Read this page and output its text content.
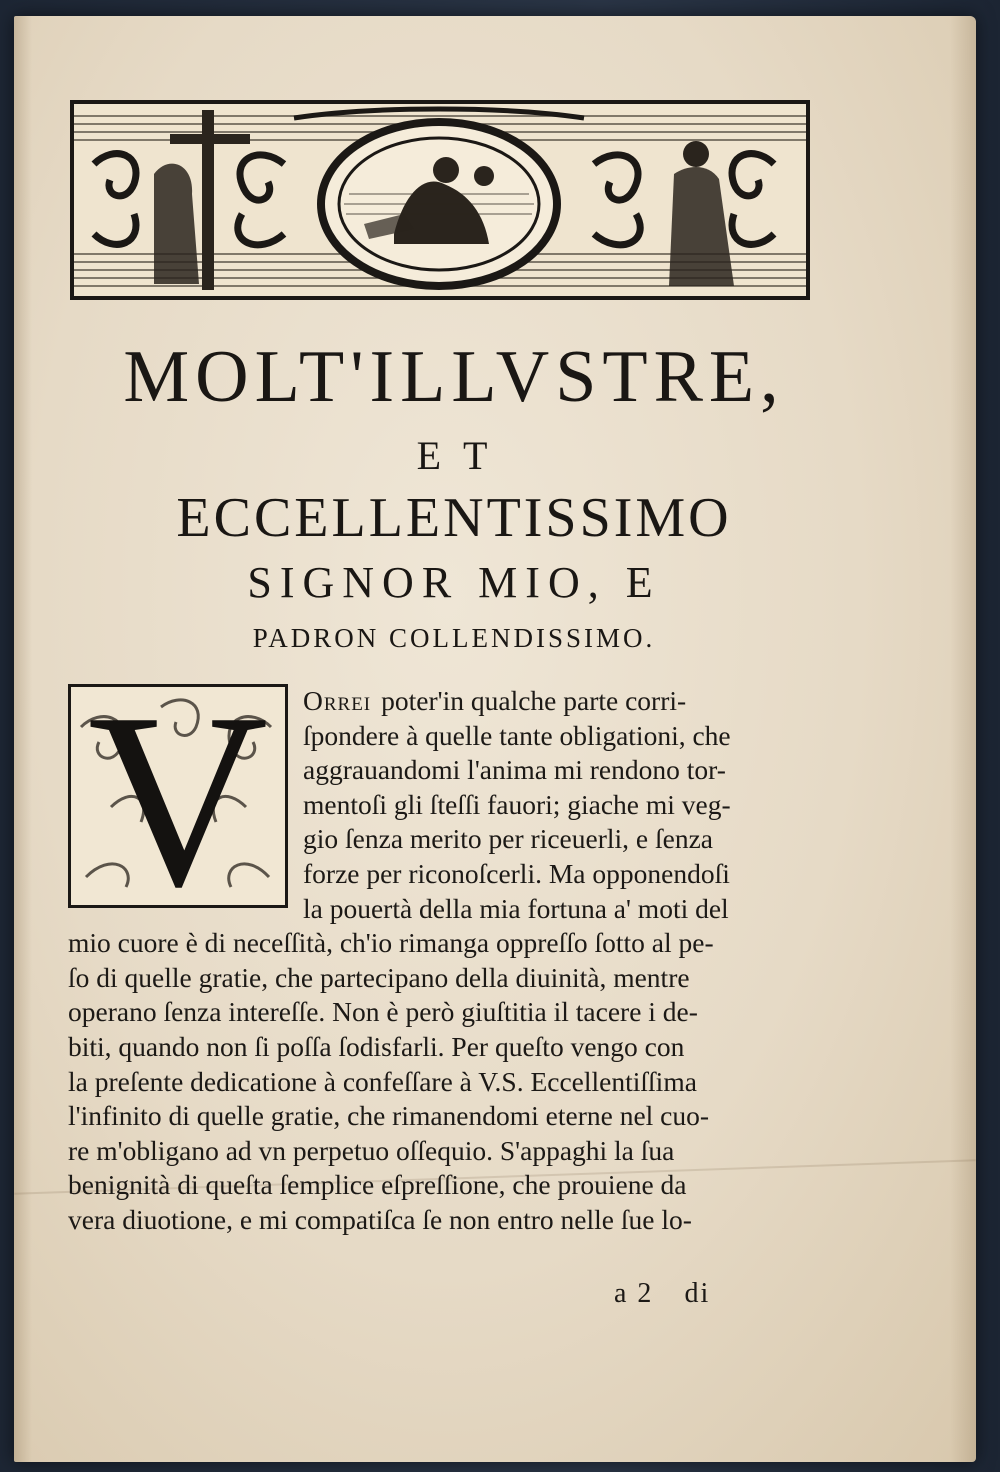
MOLT'ILLVSTRE,
ET
ECCELLENTISSIMO
SIGNOR MIO, E
PADRON COLLENDISSIMO.
V	Orrei poter'in qualche parte corri-
ſpondere à quelle tante obligationi, che
aggrauandomi l'anima mi rendono tor-
mentoſi gli ſteſſi fauori; giache mi veg-
gio ſenza merito per riceuerli, e ſenza
forze per riconoſcerli. Ma opponendoſi
la pouertà della mia fortuna a' moti del
mio cuore è di neceſſità, ch'io rimanga oppreſſo ſotto al pe-
ſo di quelle gratie, che partecipano della diuinità, mentre
operano ſenza intereſſe. Non è però giuſtitia il tacere i de-
biti, quando non ſi poſſa ſodisfarli. Per queſto vengo con
la preſente dedicatione à confeſſare à V.S. Eccellentiſſima
l'infinito di quelle gratie, che rimanendomi eterne nel cuo-
re m'obligano ad vn perpetuo oſſequio. S'appaghi la ſua
benignità di queſta ſemplice eſpreſſione, che prouiene da
vera diuotione, e mi compatiſca ſe non entro nelle ſue lo-
a 2 di
